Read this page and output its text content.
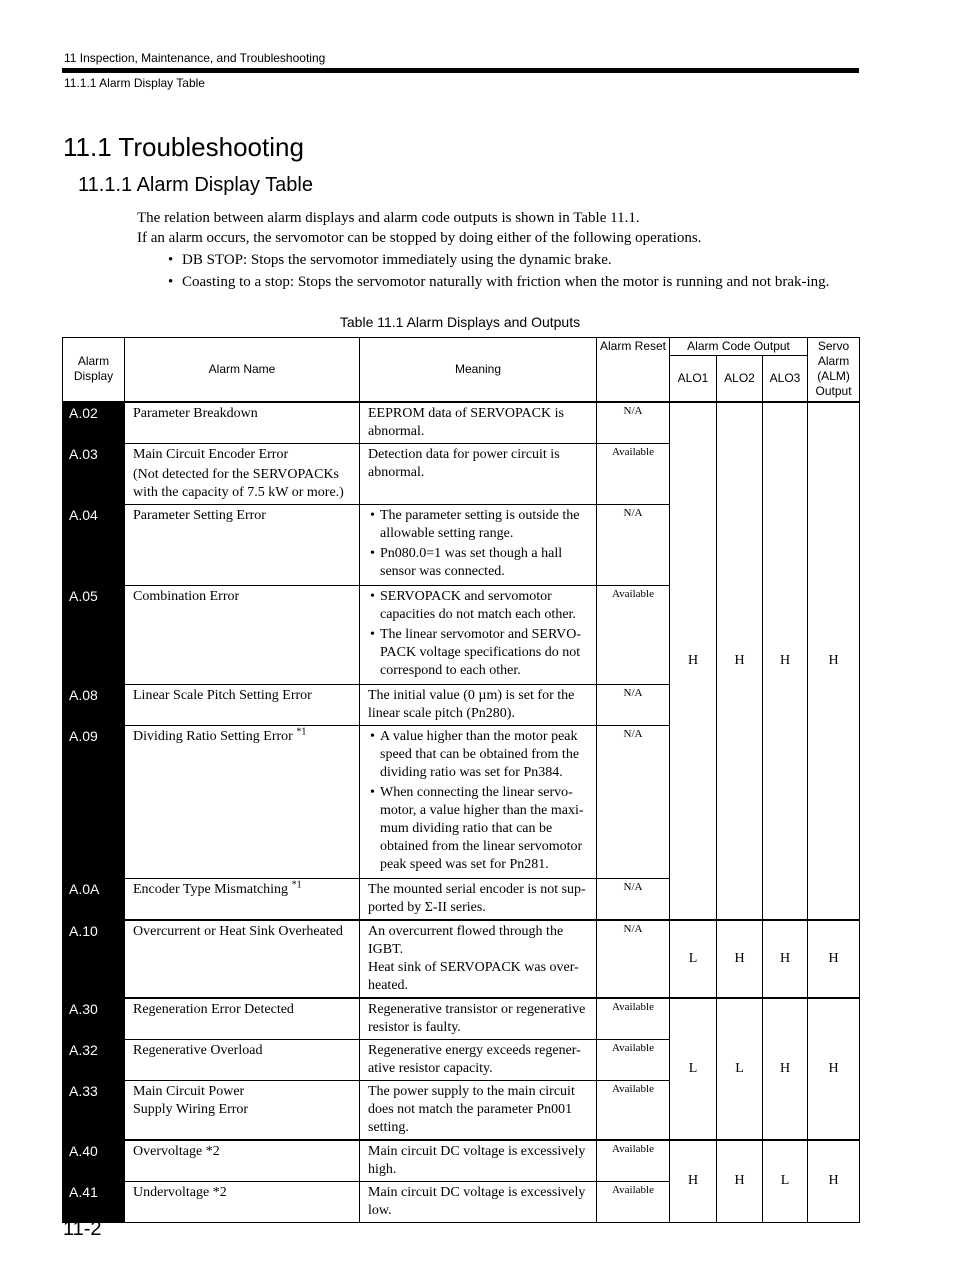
11 Inspection, Maintenance, and Troubleshooting
11.1.1 Alarm Display Table
11.1 Troubleshooting
11.1.1 Alarm Display Table

The relation between alarm displays and alarm code outputs is shown in Table 11.1.

If an alarm occurs, the servomotor can be stopped by doing either of the following operations.

• DB STOP: Stops the servomotor immediately using the dynamic brake.
• Coasting to a stop: Stops the servomotor naturally with friction when the motor is running and not brak-ing.
Table 11.1 Alarm Displays and Outputs
Alarm Display	Alarm Name	Meaning	Alarm Reset	Alarm Code Output			Servo Alarm (ALM) Output
				ALO1	ALO2	ALO3	
A.02	Parameter Breakdown	EEPROM data of SERVOPACK is abnormal.	N/A	H	H	H	H
A.03	Main Circuit Encoder Error
(Not detected for the SERVOPACKs with the capacity of 7.5 kW or more.)	Detection data for power circuit is abnormal.	Available				
A.04	Parameter Setting Error	• The parameter setting is outside the allowable setting range.
• Pn080.0=1 was set though a hall sensor was connected.	N/A				
A.05	Combination Error	• SERVOPACK and servomotor capacities do not match each other.
• The linear servomotor and SERVO-PACK voltage specifications do not correspond to each other.	Available				
A.08	Linear Scale Pitch Setting Error	The initial value (0 µm) is set for the linear scale pitch (Pn280).	N/A				
A.09	Dividing Ratio Setting Error $^{*1}$	• A value higher than the motor peak speed that can be obtained from the dividing ratio was set for Pn384.
• When connecting the linear servo-motor, a value higher than the maxi-mum dividing ratio that can be obtained from the linear servomotor peak speed was set for Pn281.	N/A				
A.0A	Encoder Type Mismatching $^{*1}$	The mounted serial encoder is not sup-ported by Σ-II series.	N/A				
A.10	Overcurrent or Heat Sink Overheated	An overcurrent flowed through the IGBT.
Heat sink of SERVOPACK was over-heated.	N/A	L	H	H	H
A.30	Regeneration Error Detected	Regenerative transistor or regenerative resistor is faulty.	Available	L	L	H	H
A.32	Regenerative Overload	Regenerative energy exceeds regener-ative resistor capacity.	Available				
A.33	Main Circuit Power
Supply Wiring Error	The power supply to the main circuit does not match the parameter Pn001 setting.	Available				
A.40	Overvoltage *2	Main circuit DC voltage is excessively high.	Available	H	H	L	H
A.41	Undervoltage *2	Main circuit DC voltage is excessively low.	Available				
11-2
